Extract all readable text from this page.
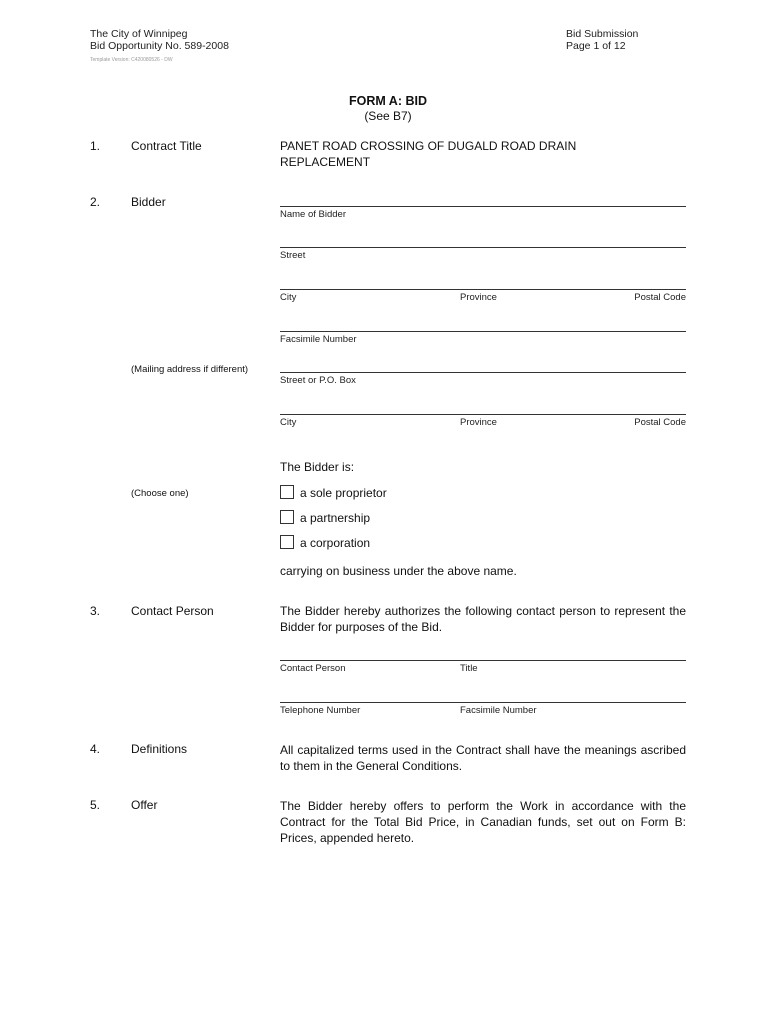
The City of Winnipeg
Bid Opportunity No. 589-2008
Template Version: C420080526 - DW
Bid Submission
Page 1 of 12
FORM A: BID
(See B7)
1.	Contract Title	PANET ROAD CROSSING OF DUGALD ROAD DRAIN REPLACEMENT
2.	Bidder
Name of Bidder
Street
City	Province	Postal Code
Facsimile Number
(Mailing address if different)
Street or P.O. Box
City	Province	Postal Code
The Bidder is:
(Choose one)	a sole proprietor
a partnership
a corporation
carrying on business under the above name.
3.	Contact Person	The Bidder hereby authorizes the following contact person to represent the Bidder for purposes of the Bid.
Contact Person	Title
Telephone Number	Facsimile Number
4.	Definitions	All capitalized terms used in the Contract shall have the meanings ascribed to them in the General Conditions.
5.	Offer	The Bidder hereby offers to perform the Work in accordance with the Contract for the Total Bid Price, in Canadian funds, set out on Form B: Prices, appended hereto.
